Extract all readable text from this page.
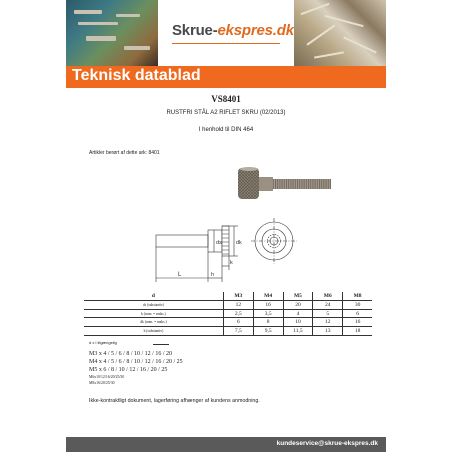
Skrue-ekspres.dk
Teknisk datablad
VS8401
RUSTFRI STÅL A2 RIFLET SKRU (02/2013)
I henhold til DIN 464
Artikler berørt af dette ark: 8401
ds	dk
L	h
k
d	M3	M4	M5	M6	M8
ds (substantiv)	12	16	20	24	30
k (nom. = maks.)	2,5	3,5	4	5	6
dk (nom. = maks.)	6	8	10	12	16
h (substantiv)	7,5	9,5	11,5	13	18
d x l tilgængelig
M3 x 4 / 5 / 6 / 8 / 10 / 12 / 16 / 20
M4 x 4 / 5 / 6 / 8 / 10 / 12 / 16 / 20 / 25
M5 x 6 / 8 / 10 / 12 / 16 / 20 / 25
M6x10/12/16/20/25/30
M8x16/20/25/30
Ikke-kontraktligt dokument, lagerføring afhænger af kundens anmodning.
kundeservice@skrue-ekspres.dk
